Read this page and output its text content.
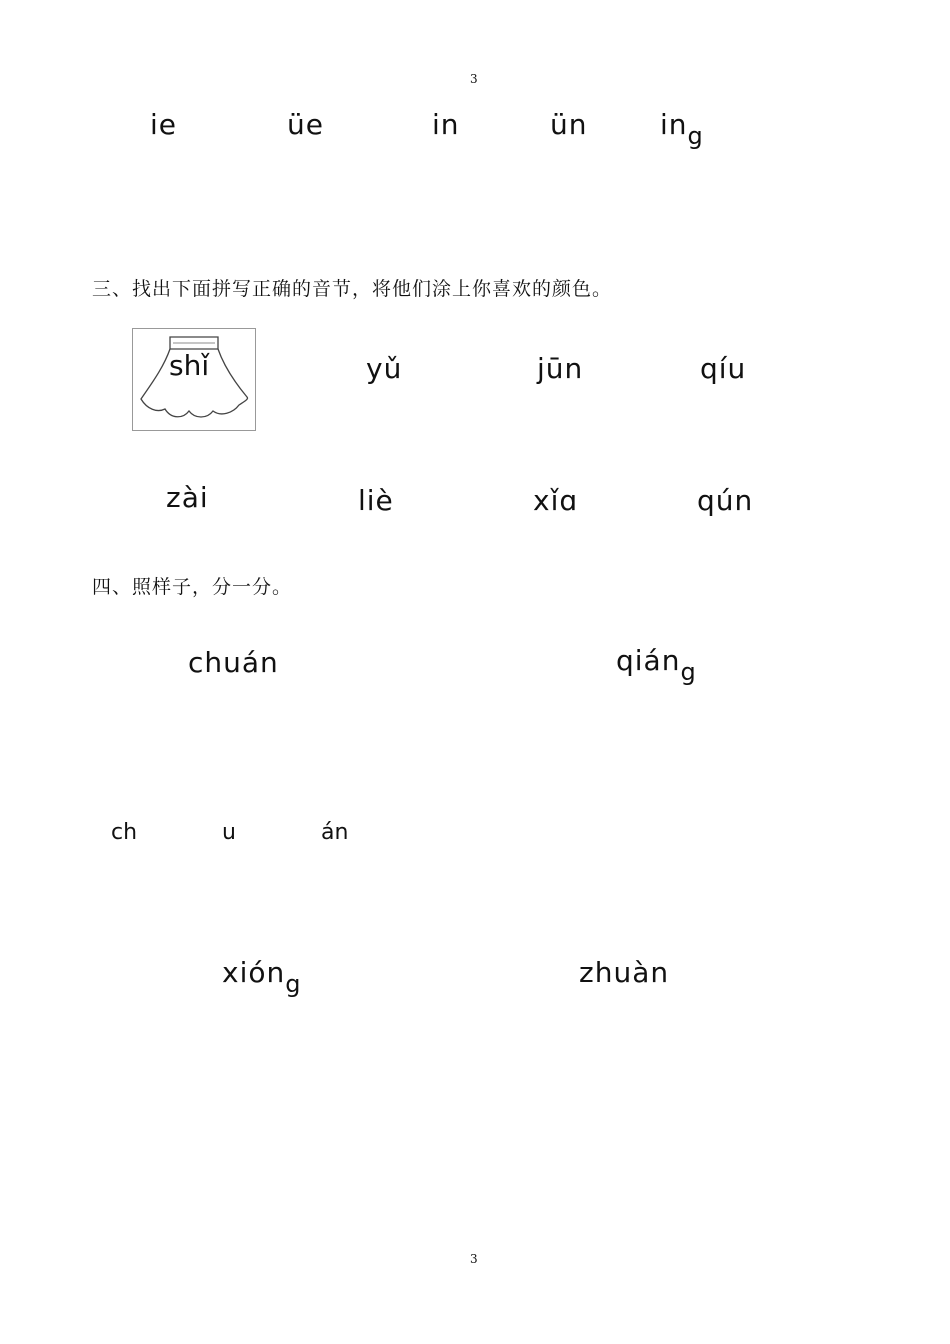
3
ie	üe	in	ün	$in_g$
三、找出下面拼写正确的音节，将他们涂上你喜欢的颜色。
shǐ	yǔ	jūn	qíu
zài	liè	xǐɑ	qún
四、照样子，分一分。
chuán	qián$_g$
ch	u	án
xión$_g$	zhuàn
3
